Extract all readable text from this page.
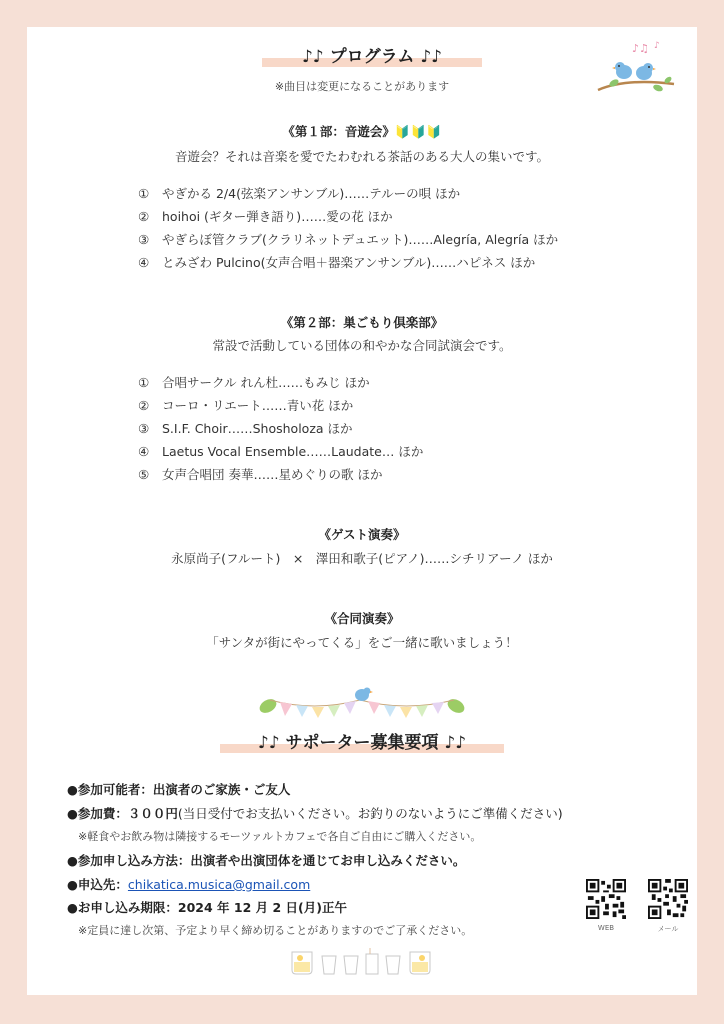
♪♫ ♪
♪♪ プログラム ♪♪
※曲目は変更になることがあります
《第１部：音遊会》🔰🔰🔰
音遊会？それは音楽を愛でたわむれる茶話のある大人の集いです。
① やぎかる 2/4(弦楽アンサンブル)……テルーの唄 ほか
② hoihoi (ギター弾き語り)……愛の花 ほか
③ やぎらぼ管クラブ(クラリネットデュエット)……Alegría, Alegría ほか
④ とみざわ Pulcino(女声合唱＋器楽アンサンブル)……ハピネス ほか
《第２部：巣ごもり倶楽部》
常設で活動している団体の和やかな合同試演会です。
① 合唱サークル れん杜……もみじ ほか
② コーロ・リエート……青い花 ほか
③ S.I.F. Choir……Shosholoza ほか
④ Laetus Vocal Ensemble……Laudate… ほか
⑤ 女声合唱団 奏華……星めぐりの歌 ほか
《ゲスト演奏》
永原尚子(フルート)　×　澤田和歌子(ピアノ)……シチリアーノ ほか
《合同演奏》
「サンタが街にやってくる」をご一緒に歌いましょう！
♪♪ サポーター募集要項 ♪♪
●参加可能者：出演者のご家族・ご友人
●参加費：３００円(当日受付でお支払いください。お釣りのないようにご準備ください)
※軽食やお飲み物は隣接するモーツァルトカフェで各自ご自由にご購入ください。
●参加申し込み方法：出演者や出演団体を通じてお申し込みください。
●申込先：chikatica.musica@gmail.com
●お申し込み期限：2024 年 12 月 2 日(月)正午
※定員に達し次第、予定より早く締め切ることがありますのでご了承ください。	WEB	メール
